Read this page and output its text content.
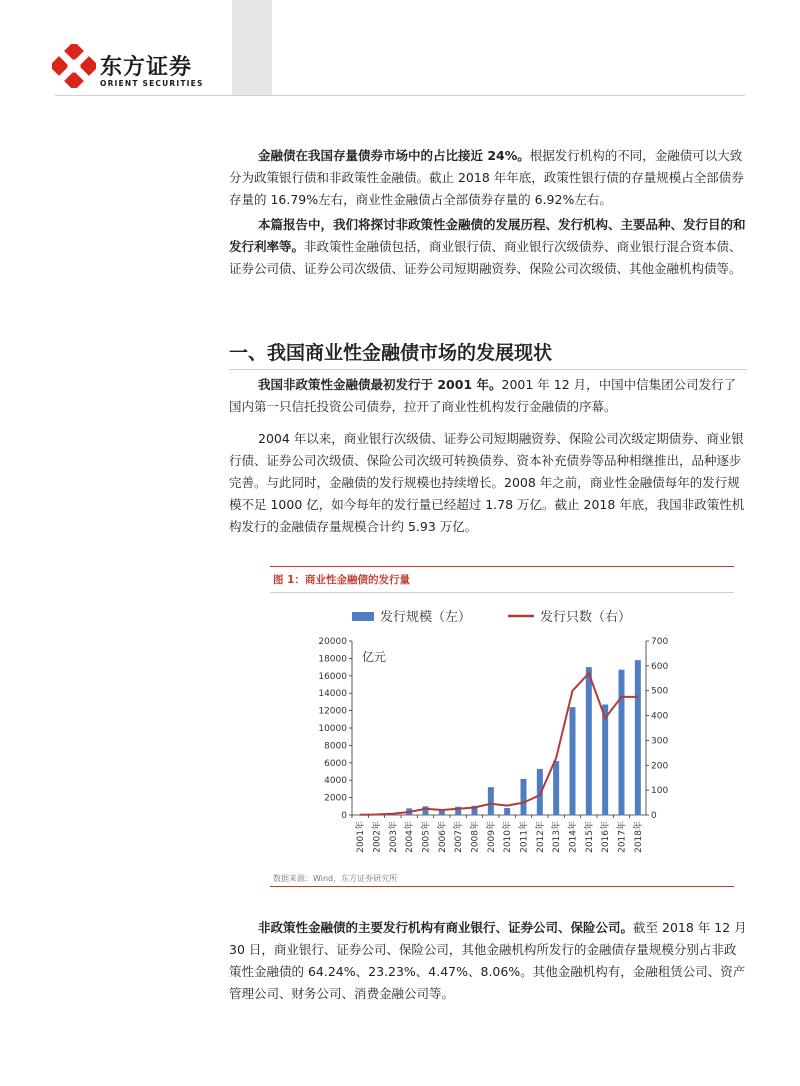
东方证券
ORIENT SECURITIES

金融债在我国存量债券市场中的占比接近 24%。根据发行机构的不同，金融债可以大致分为政策银行债和非政策性金融债。截止 2018 年年底，政策性银行债的存量规模占全部债券存量的 16.79%左右，商业性金融债占全部债券存量的 6.92%左右。

本篇报告中，我们将探讨非政策性金融债的发展历程、发行机构、主要品种、发行目的和发行利率等。非政策性金融债包括，商业银行债、商业银行次级债券、商业银行混合资本债、证券公司债、证券公司次级债、证券公司短期融资券、保险公司次级债、其他金融机构债等。

一、我国商业性金融债市场的发展现状

我国非政策性金融债最初发行于 2001 年。2001 年 12 月，中国中信集团公司发行了国内第一只信托投资公司债券，拉开了商业性机构发行金融债的序幕。

2004 年以来，商业银行次级债、证券公司短期融资券、保险公司次级定期债券、商业银行债、证券公司次级债、保险公司次级可转换债券、资本补充债券等品种相继推出，品种逐步完善。与此同时，金融债的发行规模也持续增长。2008 年之前，商业性金融债每年的发行规模不足 1000 亿，如今每年的发行量已经超过 1.78 万亿。截止 2018 年底，我国非政策性机构发行的金融债存量规模合计约 5.93 万亿。

图 1：商业性金融债的发行量
发行规模（左）	发行只数（右）
0
2000
4000
6000
8000
10000
12000
14000
16000
18000
20000
0
100
200
300
400
500
600
700
亿元
2001年 2002年 2003年 2004年 2005年 2006年 2007年 2008年 2009年 2010年 2011年 2012年 2013年 2014年 2015年 2016年 2017年 2018年
数据来源：Wind，东方证券研究所

非政策性金融债的主要发行机构有商业银行、证券公司、保险公司。截至 2018 年 12 月 30 日，商业银行、证券公司、保险公司，其他金融机构所发行的金融债存量规模分别占非政策性金融债的 64.24%、23.23%、4.47%、8.06%。其他金融机构有，金融租赁公司、资产管理公司、财务公司、消费金融公司等。
